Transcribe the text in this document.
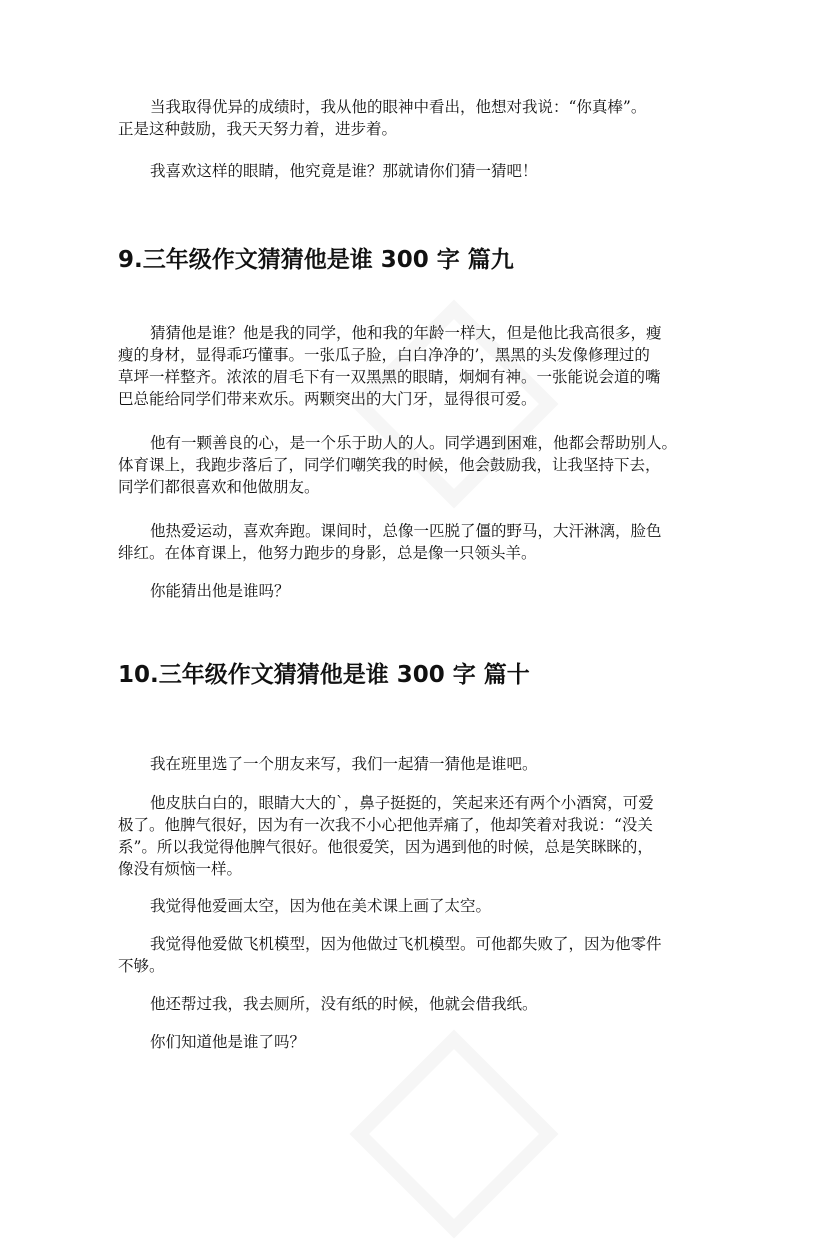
当我取得优异的成绩时，我从他的眼神中看出，他想对我说：“你真棒”。
正是这种鼓励，我天天努力着，进步着。
我喜欢这样的眼睛，他究竟是谁？那就请你们猜一猜吧！
9.三年级作文猜猜他是谁 300 字 篇九
猜猜他是谁？他是我的同学，他和我的年龄一样大，但是他比我高很多，瘦
瘦的身材，显得乖巧懂事。一张瓜子脸，白白净净的’，黑黑的头发像修理过的
草坪一样整齐。浓浓的眉毛下有一双黑黑的眼睛，炯炯有神。一张能说会道的嘴
巴总能给同学们带来欢乐。两颗突出的大门牙，显得很可爱。
他有一颗善良的心，是一个乐于助人的人。同学遇到困难，他都会帮助别人。
体育课上，我跑步落后了，同学们嘲笑我的时候，他会鼓励我，让我坚持下去，
同学们都很喜欢和他做朋友。
他热爱运动，喜欢奔跑。课间时，总像一匹脱了僵的野马，大汗淋漓，脸色
绯红。在体育课上，他努力跑步的身影，总是像一只领头羊。
你能猜出他是谁吗？
10.三年级作文猜猜他是谁 300 字 篇十
我在班里选了一个朋友来写，我们一起猜一猜他是谁吧。
他皮肤白白的，眼睛大大的`，鼻子挺挺的，笑起来还有两个小酒窝，可爱
极了。他脾气很好，因为有一次我不小心把他弄痛了，他却笑着对我说：“没关
系”。所以我觉得他脾气很好。他很爱笑，因为遇到他的时候，总是笑眯眯的，
像没有烦恼一样。
我觉得他爱画太空，因为他在美术课上画了太空。
我觉得他爱做飞机模型，因为他做过飞机模型。可他都失败了，因为他零件
不够。
他还帮过我，我去厕所，没有纸的时候，他就会借我纸。
你们知道他是谁了吗？
